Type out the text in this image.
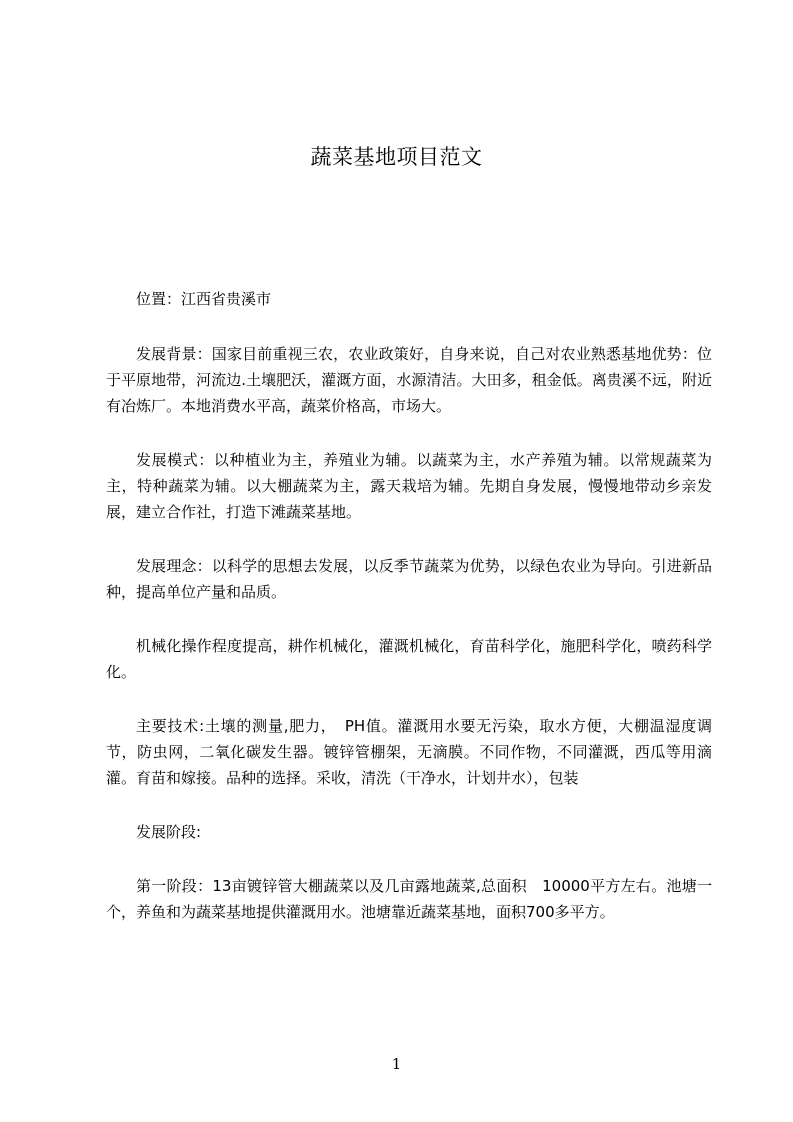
蔬菜基地项目范文

位置：江西省贵溪市

发展背景：国家目前重视三农，农业政策好，自身来说，自己对农业熟悉基地优势：位于平原地带，河流边.土壤肥沃，灌溉方面，水源清洁。大田多，租金低。离贵溪不远，附近有冶炼厂。本地消费水平高，蔬菜价格高，市场大。

发展模式：以种植业为主，养殖业为辅。以蔬菜为主，水产养殖为辅。以常规蔬菜为主，特种蔬菜为辅。以大棚蔬菜为主，露天栽培为辅。先期自身发展，慢慢地带动乡亲发展，建立合作社，打造下滩蔬菜基地。

发展理念：以科学的思想去发展，以反季节蔬菜为优势，以绿色农业为导向。引进新品种，提高单位产量和品质。

机械化操作程度提高，耕作机械化，灌溉机械化，育苗科学化，施肥科学化，喷药科学化。

主要技术:土壤的测量,肥力，　PH值。灌溉用水要无污染，取水方便，大棚温湿度调节，防虫网，二氧化碳发生器。镀锌管棚架，无滴膜。不同作物，不同灌溉，西瓜等用滴灌。育苗和嫁接。品种的选择。采收，清洗（干净水，计划井水），包装

发展阶段:

第一阶段：13亩镀锌管大棚蔬菜以及几亩露地蔬菜,总面积　10000平方左右。池塘一个，养鱼和为蔬菜基地提供灌溉用水。池塘靠近蔬菜基地，面积700多平方。

1
